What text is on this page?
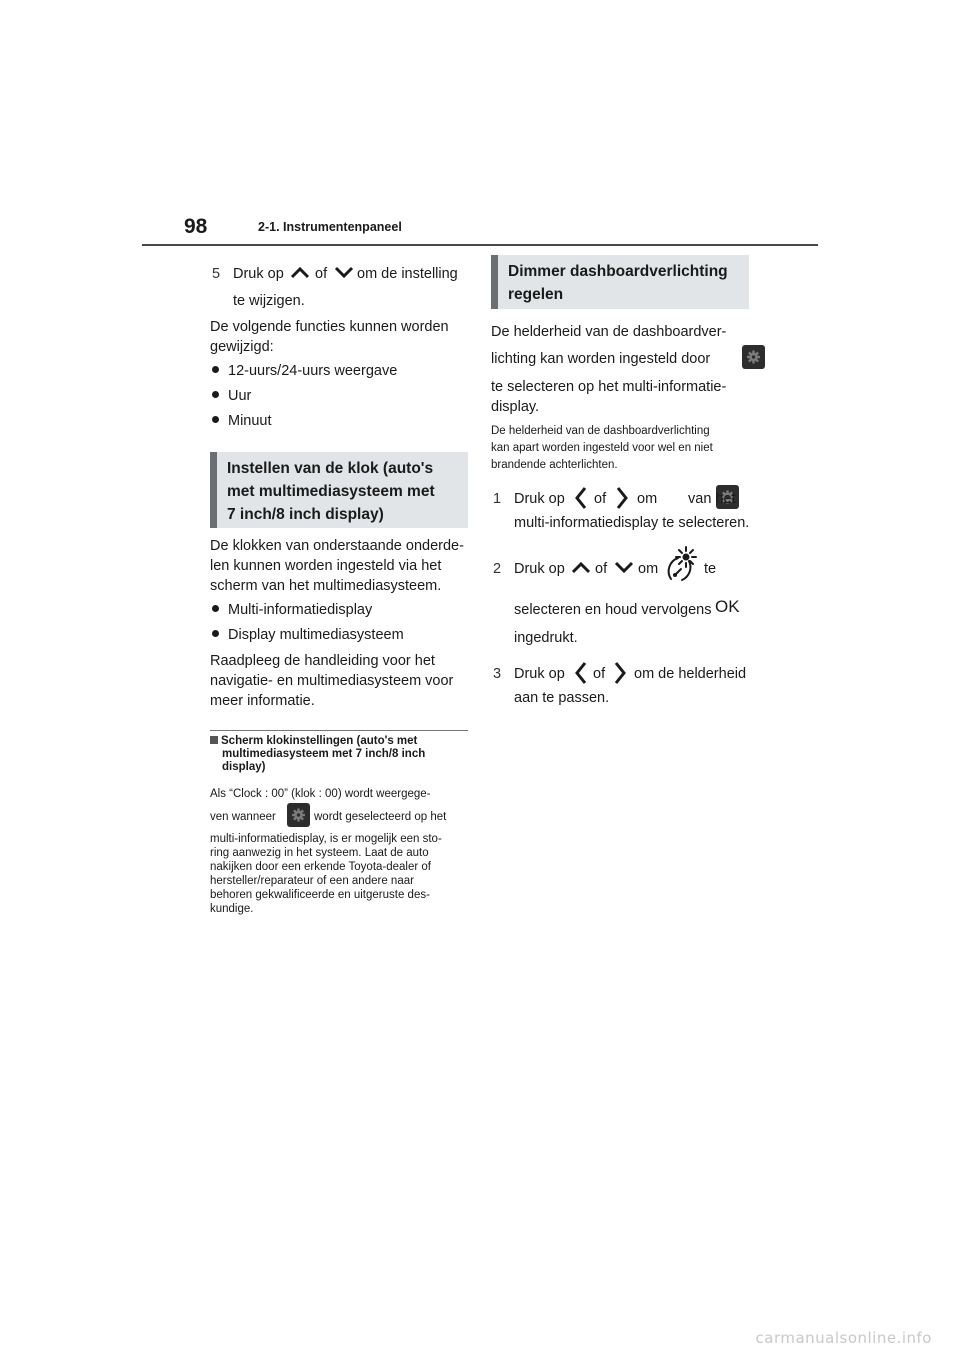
98	2-1. Instrumentenpaneel
5 Druk op of om de instelling
te wijzigen.
De volgende functies kunnen worden
gewijzigd:
12-uurs/24-uurs weergave
Uur
Minuut
Instellen van de klok (auto's
met multimediasysteem met
7 inch/8 inch display)
De klokken van onderstaande onderde-
len kunnen worden ingesteld via het
scherm van het multimediasysteem.
Multi-informatiedisplay
Display multimediasysteem
Raadpleeg de handleiding voor het
navigatie- en multimediasysteem voor
meer informatie.
Scherm klokinstellingen (auto's met
multimediasysteem met 7 inch/8 inch
display)
Als “Clock : 00” (klok : 00) wordt weergege-
ven wanneer
	wordt geselecteerd op het
multi-informatiedisplay, is er mogelijk een sto-
ring aanwezig in het systeem. Laat de auto
nakijken door een erkende Toyota-dealer of
hersteller/reparateur of een andere naar
behoren gekwalificeerde en uitgeruste des-
kundige.
Dimmer dashboardverlichting
regelen
De helderheid van de dashboardver-
lichting kan worden ingesteld door

te selecteren op het multi-informatie-
display.
De helderheid van de dashboardverlichting
kan apart worden ingesteld voor wel en niet
brandende achterlichten.
1 Druk op of om van het
multi-informatiedisplay te selecteren.
2 Druk op of om	te
selecteren en houd vervolgens OK
ingedrukt.
3 Druk op of om de helderheid
aan te passen.
carmanualsonline.info
